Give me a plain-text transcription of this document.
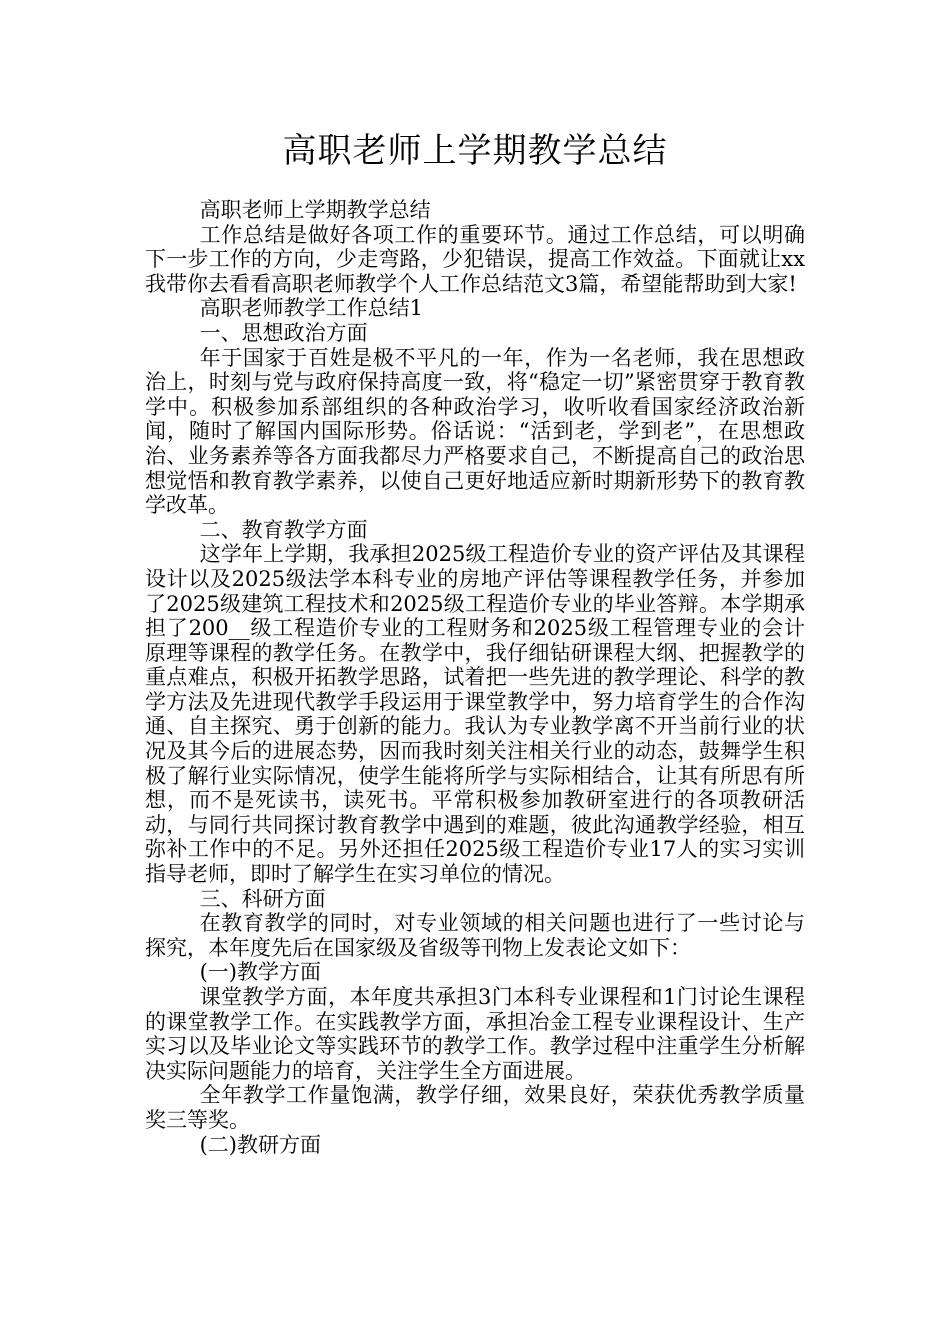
高职老师上学期教学总结

高职老师上学期教学总结

工作总结是做好各项工作的重要环节。通过工作总结，可以明确下一步工作的方向，少走弯路，少犯错误，提高工作效益。下面就让xx我带你去看看高职老师教学个人工作总结范文3篇，希望能帮助到大家!

高职老师教学工作总结1

一、思想政治方面

年于国家于百姓是极不平凡的一年，作为一名老师，我在思想政治上，时刻与党与政府保持高度一致，将“稳定一切”紧密贯穿于教育教学中。积极参加系部组织的各种政治学习，收听收看国家经济政治新闻，随时了解国内国际形势。俗话说：“活到老，学到老”，在思想政治、业务素养等各方面我都尽力严格要求自己，不断提高自己的政治思想觉悟和教育教学素养，以使自己更好地适应新时期新形势下的教育教学改革。

二、教育教学方面

这学年上学期，我承担2025级工程造价专业的资产评估及其课程设计以及2025级法学本科专业的房地产评估等课程教学任务，并参加了2025级建筑工程技术和2025级工程造价专业的毕业答辩。本学期承担了200__级工程造价专业的工程财务和2025级工程管理专业的会计原理等课程的教学任务。在教学中，我仔细钻研课程大纲、把握教学的重点难点，积极开拓教学思路，试着把一些先进的教学理论、科学的教学方法及先进现代教学手段运用于课堂教学中，努力培育学生的合作沟通、自主探究、勇于创新的能力。我认为专业教学离不开当前行业的状况及其今后的进展态势，因而我时刻关注相关行业的动态，鼓舞学生积极了解行业实际情况，使学生能将所学与实际相结合，让其有所思有所想，而不是死读书，读死书。平常积极参加教研室进行的各项教研活动，与同行共同探讨教育教学中遇到的难题，彼此沟通教学经验，相互弥补工作中的不足。另外还担任2025级工程造价专业17人的实习实训指导老师，即时了解学生在实习单位的情况。

三、科研方面

在教育教学的同时，对专业领域的相关问题也进行了一些讨论与探究，本年度先后在国家级及省级等刊物上发表论文如下：

(一)教学方面

课堂教学方面，本年度共承担3门本科专业课程和1门讨论生课程的课堂教学工作。在实践教学方面，承担冶金工程专业课程设计、生产实习以及毕业论文等实践环节的教学工作。教学过程中注重学生分析解决实际问题能力的培育，关注学生全方面进展。

全年教学工作量饱满，教学仔细，效果良好，荣获优秀教学质量奖三等奖。

(二)教研方面
